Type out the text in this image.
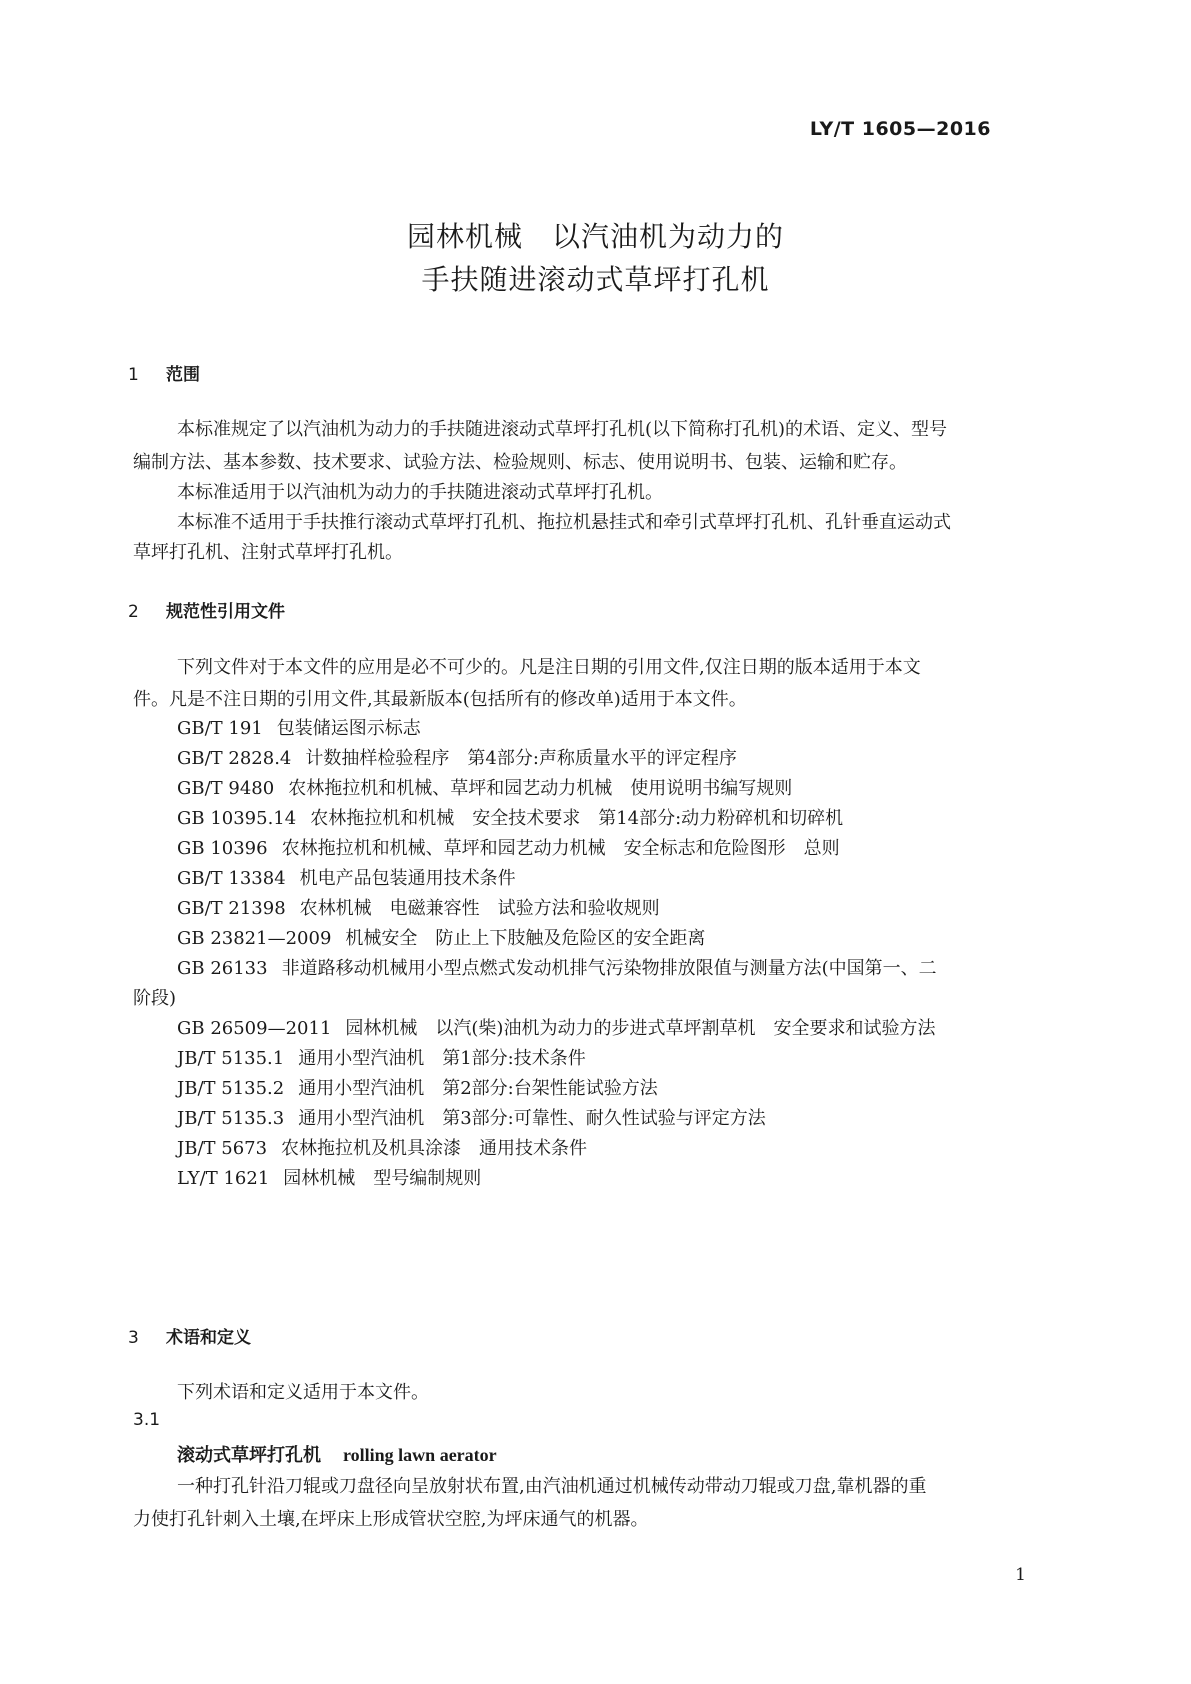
LY/T 1605—2016
园林机械　以汽油机为动力的
手扶随进滚动式草坪打孔机
1 范围
本标准规定了以汽油机为动力的手扶随进滚动式草坪打孔机(以下简称打孔机)的术语、定义、型号
编制方法、基本参数、技术要求、试验方法、检验规则、标志、使用说明书、包装、运输和贮存。
本标准适用于以汽油机为动力的手扶随进滚动式草坪打孔机。
本标准不适用于手扶推行滚动式草坪打孔机、拖拉机悬挂式和牵引式草坪打孔机、孔针垂直运动式
草坪打孔机、注射式草坪打孔机。
2 规范性引用文件
下列文件对于本文件的应用是必不可少的。凡是注日期的引用文件,仅注日期的版本适用于本文
件。凡是不注日期的引用文件,其最新版本(包括所有的修改单)适用于本文件。
GB/T 191 包装储运图示标志
GB/T 2828.4 计数抽样检验程序　第4部分:声称质量水平的评定程序
GB/T 9480 农林拖拉机和机械、草坪和园艺动力机械　使用说明书编写规则
GB 10395.14 农林拖拉机和机械　安全技术要求　第14部分:动力粉碎机和切碎机
GB 10396 农林拖拉机和机械、草坪和园艺动力机械　安全标志和危险图形　总则
GB/T 13384 机电产品包装通用技术条件
GB/T 21398 农林机械　电磁兼容性　试验方法和验收规则
GB 23821—2009 机械安全　防止上下肢触及危险区的安全距离
GB 26133 非道路移动机械用小型点燃式发动机排气污染物排放限值与测量方法(中国第一、二
阶段)
GB 26509—2011 园林机械　以汽(柴)油机为动力的步进式草坪割草机　安全要求和试验方法
JB/T 5135.1 通用小型汽油机　第1部分:技术条件
JB/T 5135.2 通用小型汽油机　第2部分:台架性能试验方法
JB/T 5135.3 通用小型汽油机　第3部分:可靠性、耐久性试验与评定方法
JB/T 5673 农林拖拉机及机具涂漆　通用技术条件
LY/T 1621 园林机械　型号编制规则
3 术语和定义
下列术语和定义适用于本文件。
3.1
滚动式草坪打孔机 rolling lawn aerator
一种打孔针沿刀辊或刀盘径向呈放射状布置,由汽油机通过机械传动带动刀辊或刀盘,靠机器的重
力使打孔针刺入土壤,在坪床上形成管状空腔,为坪床通气的机器。
1
